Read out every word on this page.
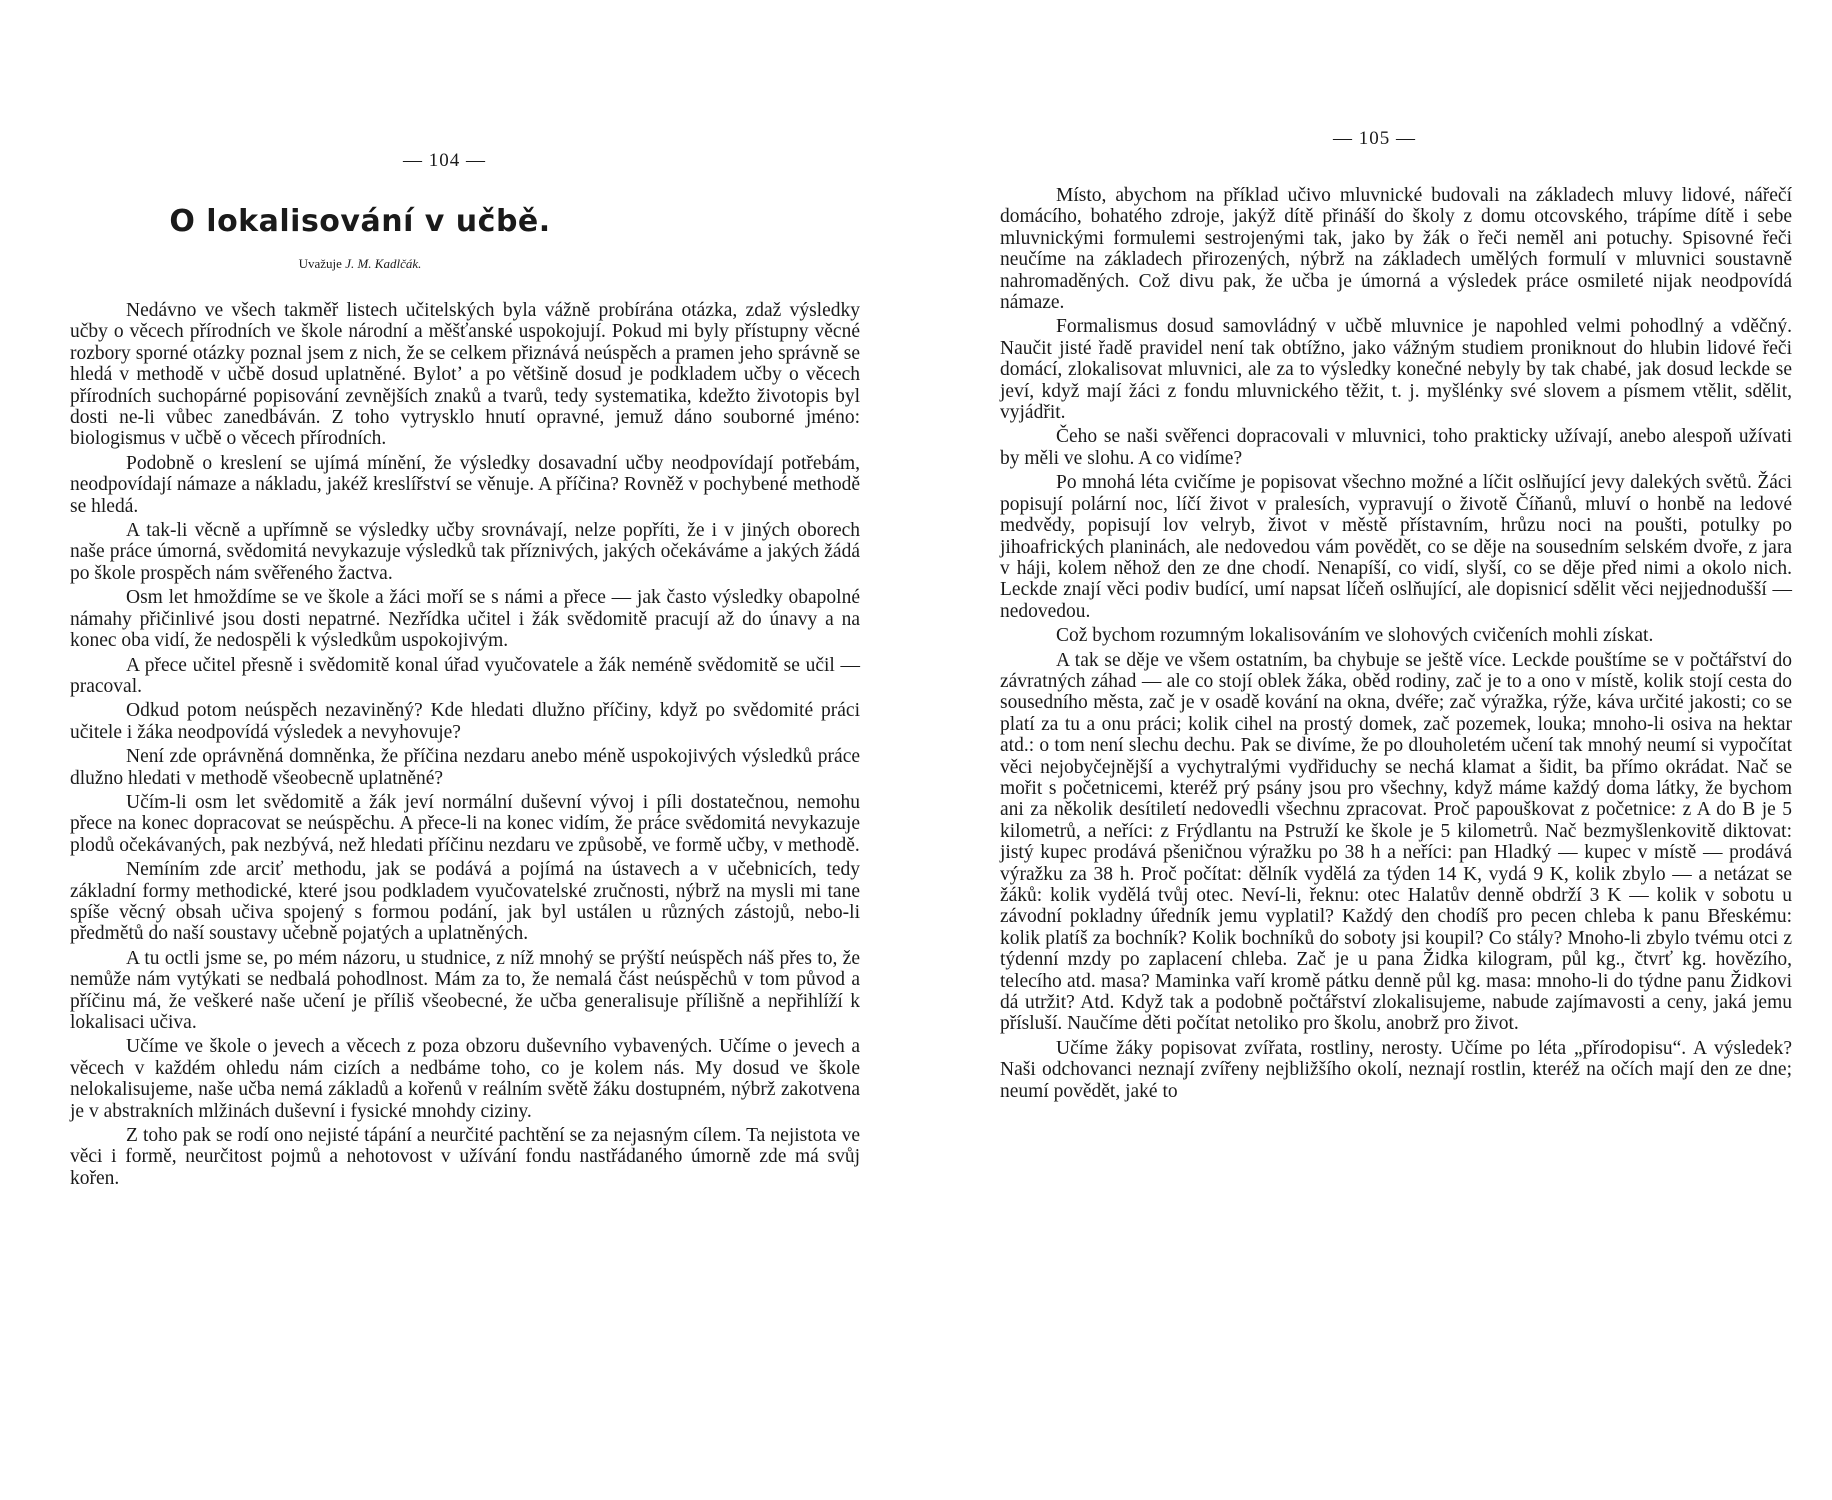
— 104 —
O lokalisování v učbě.
Uvažuje J. M. Kadlčák.

Nedávno ve všech takměř listech učitelských byla vážně probírána otázka, zdaž výsledky učby o věcech přírodních ve škole národní a měšťanské uspokojují. Pokud mi byly přístupny věcné rozbory sporné otázky poznal jsem z nich, že se celkem přiznává neúspěch a pramen jeho správně se hledá v methodě v učbě dosud uplatněné. Bylotʼ a po většině dosud je podkladem učby o věcech přírodních suchopárné popisování zevnějších znaků a tvarů, tedy systematika, kdežto životopis byl dosti ne-li vůbec zanedbáván. Z toho vytrysklo hnutí opravné, jemuž dáno souborné jméno: biologismus v učbě o věcech přírodních.

Podobně o kreslení se ujímá mínění, že výsledky dosavadní učby neodpovídají potřebám, neodpovídají námaze a nákladu, jakéž kreslířství se věnuje. A příčina? Rovněž v pochybené methodě se hledá.

A tak-li věcně a upřímně se výsledky učby srovnávají, nelze popříti, že i v jiných oborech naše práce úmorná, svědomitá nevykazuje výsledků tak příznivých, jakých očekáváme a jakých žádá po škole prospěch nám svěřeného žactva.

Osm let hmoždíme se ve škole a žáci moří se s námi a přece — jak často výsledky obapolné námahy přičinlivé jsou dosti nepatrné. Nezřídka učitel i žák svědomitě pracují až do únavy a na konec oba vidí, že nedospěli k výsledkům uspokojivým.

A přece učitel přesně i svědomitě konal úřad vyučovatele a žák neméně svědomitě se učil — pracoval.

Odkud potom neúspěch nezaviněný? Kde hledati dlužno příčiny, když po svědomité práci učitele i žáka neodpovídá výsledek a nevyhovuje?

Není zde oprávněná domněnka, že příčina nezdaru anebo méně uspokojivých výsledků práce dlužno hledati v methodě všeobecně uplatněné?

Učím-li osm let svědomitě a žák jeví normální duševní vývoj i píli dostatečnou, nemohu přece na konec dopracovat se neúspěchu. A přece-li na konec vidím, že práce svědomitá nevykazuje plodů očekávaných, pak nezbývá, než hledati příčinu nezdaru ve způsobě, ve formě učby, v methodě.

Nemíním zde arciť methodu, jak se podává a pojímá na ústavech a v učebnicích, tedy základní formy methodické, které jsou podkladem vyučovatelské zručnosti, nýbrž na mysli mi tane spíše věcný obsah učiva spojený s formou podání, jak byl ustálen u různých zástojů, nebo-li předmětů do naší soustavy učebně pojatých a uplatněných.

A tu octli jsme se, po mém názoru, u studnice, z níž mnohý se prýští neúspěch náš přes to, že nemůže nám vytýkati se nedbalá pohodlnost. Mám za to, že nemalá část neúspěchů v tom původ a příčinu má, že veškeré naše učení je příliš všeobecné, že učba generalisuje přílišně a nepřihlíží k lokalisaci učiva.

Učíme ve škole o jevech a věcech z poza obzoru duševního vybavených. Učíme o jevech a věcech v každém ohledu nám cizích a nedbáme toho, co je kolem nás. My dosud ve škole nelokalisujeme, naše učba nemá základů a kořenů v reálním světě žáku dostupném, nýbrž zakotvena je v abstrakních mlžinách duševní i fysické mnohdy ciziny.

Z toho pak se rodí ono nejisté tápání a neurčité pachtění se za nejasným cílem. Ta nejistota ve věci i formě, neurčitost pojmů a nehotovost v užívání fondu nastřádaného úmorně zde má svůj kořen.

— 105 —

Místo, abychom na příklad učivo mluvnické budovali na základech mluvy lidové, nářečí domácího, bohatého zdroje, jakýž dítě přináší do školy z domu otcovského, trápíme dítě i sebe mluvnickými formulemi sestrojenými tak, jako by žák o řeči neměl ani potuchy. Spisovné řeči neučíme na základech přirozených, nýbrž na základech umělých formulí v mluvnici soustavně nahromaděných. Což divu pak, že učba je úmorná a výsledek práce osmileté nijak neodpovídá námaze.

Formalismus dosud samovládný v učbě mluvnice je napohled velmi pohodlný a vděčný. Naučit jisté řadě pravidel není tak obtížno, jako vážným studiem proniknout do hlubin lidové řeči domácí, zlokalisovat mluvnici, ale za to výsledky konečné nebyly by tak chabé, jak dosud leckde se jeví, když mají žáci z fondu mluvnického těžit, t. j. myšlénky své slovem a písmem vtělit, sdělit, vyjádřit.

Čeho se naši svěřenci dopracovali v mluvnici, toho prakticky užívají, anebo alespoň užívati by měli ve slohu. A co vidíme?

Po mnohá léta cvičíme je popisovat všechno možné a líčit oslňující jevy dalekých světů. Žáci popisují polární noc, líčí život v pralesích, vypravují o životě Číňanů, mluví o honbě na ledové medvědy, popisují lov velryb, život v městě přístavním, hrůzu noci na poušti, potulky po jihoafrických planinách, ale nedovedou vám povědět, co se děje na sousedním selském dvoře, z jara v háji, kolem něhož den ze dne chodí. Nenapíší, co vidí, slyší, co se děje před nimi a okolo nich. Leckde znají věci podiv budící, umí napsat líčeň oslňující, ale dopisnicí sdělit věci nejjednodušší — nedovedou.

Což bychom rozumným lokalisováním ve slohových cvičeních mohli získat.

A tak se děje ve všem ostatním, ba chybuje se ještě více. Leckde pouštíme se v počtářství do závratných záhad — ale co stojí oblek žáka, oběd rodiny, zač je to a ono v místě, kolik stojí cesta do sousedního města, zač je v osadě kování na okna, dvéře; zač výražka, rýže, káva určité jakosti; co se platí za tu a onu práci; kolik cihel na prostý domek, zač pozemek, louka; mnoho-li osiva na hektar atd.: o tom není slechu dechu. Pak se divíme, že po dlouholetém učení tak mnohý neumí si vypočítat věci nejobyčejnější a vychytralými vydřiduchy se nechá klamat a šidit, ba přímo okrádat. Nač se mořit s početnicemi, kteréž prý psány jsou pro všechny, když máme každý doma látky, že bychom ani za několik desítiletí nedovedli všechnu zpracovat. Proč papouškovat z početnice: z A do B je 5 kilometrů, a neříci: z Frýdlantu na Pstruží ke škole je 5 kilometrů. Nač bezmyšlenkovitě diktovat: jistý kupec prodává pšeničnou výražku po 38 h a neříci: pan Hladký — kupec v místě — prodává výražku za 38 h. Proč počítat: dělník vydělá za týden 14 K, vydá 9 K, kolik zbylo — a netázat se žáků: kolik vydělá tvůj otec. Neví-li, řeknu: otec Halatův denně obdrží 3 K — kolik v sobotu u závodní pokladny úředník jemu vyplatil? Každý den chodíš pro pecen chleba k panu Břeskému: kolik platíš za bochník? Kolik bochníků do soboty jsi koupil? Co stály? Mnoho-li zbylo tvému otci z týdenní mzdy po zaplacení chleba. Zač je u pana Židka kilogram, půl kg., čtvrť kg. hovězího, telecího atd. masa? Maminka vaří kromě pátku denně půl kg. masa: mnoho-li do týdne panu Židkovi dá utržit? Atd. Když tak a podobně počtářství zlokalisujeme, nabude zajímavosti a ceny, jaká jemu přísluší. Naučíme děti počítat netoliko pro školu, anobrž pro život.

Učíme žáky popisovat zvířata, rostliny, nerosty. Učíme po léta „přírodopisu“. A výsledek? Naši odchovanci neznají zvířeny nejbližšího okolí, neznají rostlin, kteréž na očích mají den ze dne; neumí povědět, jaké to
